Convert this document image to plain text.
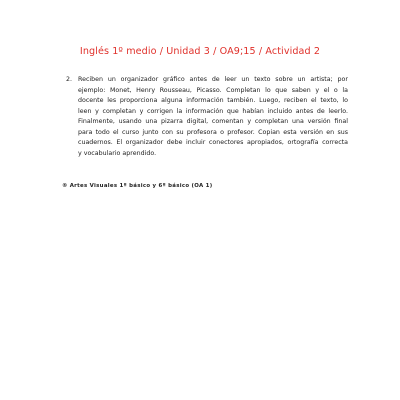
Inglés 1º medio / Unidad 3 / OA9;15 / Actividad 2
2. Reciben un organizador gráfico antes de leer un texto sobre un artista; por
ejemplo: Monet, Henry Rousseau, Picasso. Completan lo que saben y el o la
docente les proporciona alguna información también. Luego, reciben el texto, lo
leen y completan y corrigen la información que habían incluido antes de leerlo.
Finalmente, usando una pizarra digital, comentan y completan una versión final
para todo el curso junto con su profesora o profesor. Copian esta versión en sus
cuadernos. El organizador debe incluir conectores apropiados, ortografía correcta
y vocabulario aprendido.
® Artes Visuales 1º básico y 6º básico (OA 1)
